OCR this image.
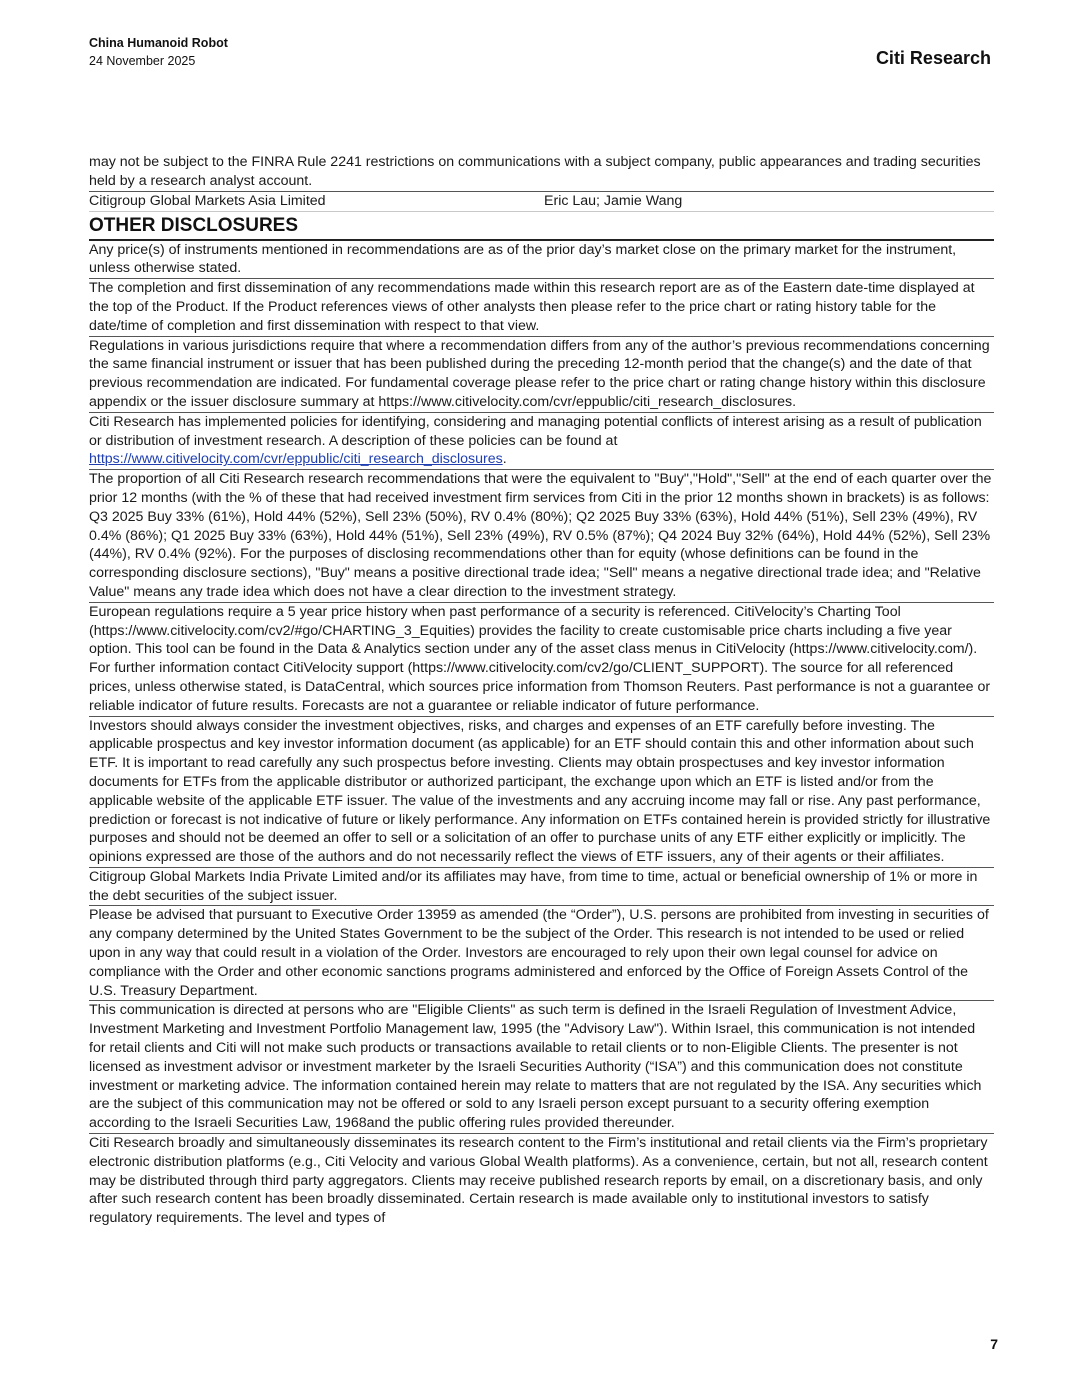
China Humanoid Robot
24 November 2025	Citi Research
may not be subject to the FINRA Rule 2241 restrictions on communications with a subject company, public appearances and trading securities held by a research analyst account.
Citigroup Global Markets Asia Limited	Eric Lau; Jamie Wang
OTHER DISCLOSURES
Any price(s) of instruments mentioned in recommendations are as of the prior day’s market close on the primary market for the instrument, unless otherwise stated.
The completion and first dissemination of any recommendations made within this research report are as of the Eastern date-time displayed at the top of the Product. If the Product references views of other analysts then please refer to the price chart or rating history table for the date/time of completion and first dissemination with respect to that view.
Regulations in various jurisdictions require that where a recommendation differs from any of the author’s previous recommendations concerning the same financial instrument or issuer that has been published during the preceding 12-month period that the change(s) and the date of that previous recommendation are indicated. For fundamental coverage please refer to the price chart or rating change history within this disclosure appendix or the issuer disclosure summary at https://www.citivelocity.com/cvr/eppublic/citi_research_disclosures.
Citi Research has implemented policies for identifying, considering and managing potential conflicts of interest arising as a result of publication or distribution of investment research. A description of these policies can be found at https://www.citivelocity.com/cvr/eppublic/citi_research_disclosures.
The proportion of all Citi Research research recommendations that were the equivalent to "Buy","Hold","Sell" at the end of each quarter over the prior 12 months (with the % of these that had received investment firm services from Citi in the prior 12 months shown in brackets) is as follows: Q3 2025 Buy 33% (61%), Hold 44% (52%), Sell 23% (50%), RV 0.4% (80%); Q2 2025 Buy 33% (63%), Hold 44% (51%), Sell 23% (49%), RV 0.4% (86%); Q1 2025 Buy 33% (63%), Hold 44% (51%), Sell 23% (49%), RV 0.5% (87%); Q4 2024 Buy 32% (64%), Hold 44% (52%), Sell 23% (44%), RV 0.4% (92%). For the purposes of disclosing recommendations other than for equity (whose definitions can be found in the corresponding disclosure sections), "Buy" means a positive directional trade idea; "Sell" means a negative directional trade idea; and "Relative Value" means any trade idea which does not have a clear direction to the investment strategy.
European regulations require a 5 year price history when past performance of a security is referenced. CitiVelocity’s Charting Tool (https://www.citivelocity.com/cv2/#go/CHARTING_3_Equities) provides the facility to create customisable price charts including a five year option. This tool can be found in the Data & Analytics section under any of the asset class menus in CitiVelocity (https://www.citivelocity.com/). For further information contact CitiVelocity support (https://www.citivelocity.com/cv2/go/CLIENT_SUPPORT). The source for all referenced prices, unless otherwise stated, is DataCentral, which sources price information from Thomson Reuters. Past performance is not a guarantee or reliable indicator of future results. Forecasts are not a guarantee or reliable indicator of future performance.
Investors should always consider the investment objectives, risks, and charges and expenses of an ETF carefully before investing. The applicable prospectus and key investor information document (as applicable) for an ETF should contain this and other information about such ETF. It is important to read carefully any such prospectus before investing. Clients may obtain prospectuses and key investor information documents for ETFs from the applicable distributor or authorized participant, the exchange upon which an ETF is listed and/or from the applicable website of the applicable ETF issuer. The value of the investments and any accruing income may fall or rise. Any past performance, prediction or forecast is not indicative of future or likely performance. Any information on ETFs contained herein is provided strictly for illustrative purposes and should not be deemed an offer to sell or a solicitation of an offer to purchase units of any ETF either explicitly or implicitly. The opinions expressed are those of the authors and do not necessarily reflect the views of ETF issuers, any of their agents or their affiliates.
Citigroup Global Markets India Private Limited and/or its affiliates may have, from time to time, actual or beneficial ownership of 1% or more in the debt securities of the subject issuer.
Please be advised that pursuant to Executive Order 13959 as amended (the “Order”), U.S. persons are prohibited from investing in securities of any company determined by the United States Government to be the subject of the Order. This research is not intended to be used or relied upon in any way that could result in a violation of the Order. Investors are encouraged to rely upon their own legal counsel for advice on compliance with the Order and other economic sanctions programs administered and enforced by the Office of Foreign Assets Control of the U.S. Treasury Department.
This communication is directed at persons who are "Eligible Clients" as such term is defined in the Israeli Regulation of Investment Advice, Investment Marketing and Investment Portfolio Management law, 1995 (the "Advisory Law"). Within Israel, this communication is not intended for retail clients and Citi will not make such products or transactions available to retail clients or to non-Eligible Clients. The presenter is not licensed as investment advisor or investment marketer by the Israeli Securities Authority (“ISA”) and this communication does not constitute investment or marketing advice. The information contained herein may relate to matters that are not regulated by the ISA. Any securities which are the subject of this communication may not be offered or sold to any Israeli person except pursuant to a security offering exemption according to the Israeli Securities Law, 1968and the public offering rules provided thereunder.
Citi Research broadly and simultaneously disseminates its research content to the Firm’s institutional and retail clients via the Firm’s proprietary electronic distribution platforms (e.g., Citi Velocity and various Global Wealth platforms). As a convenience, certain, but not all, research content may be distributed through third party aggregators. Clients may receive published research reports by email, on a discretionary basis, and only after such research content has been broadly disseminated. Certain research is made available only to institutional investors to satisfy regulatory requirements. The level and types of
7
